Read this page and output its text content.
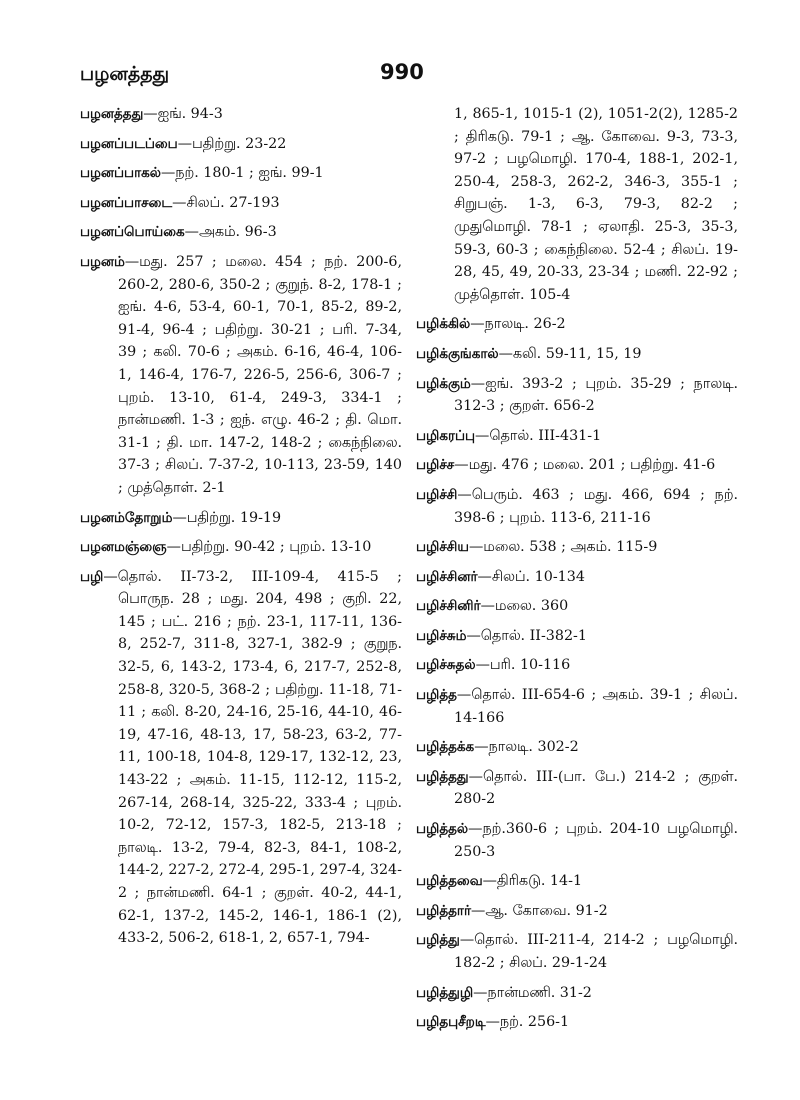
பழனத்தது	990
பழனத்தது—ஐங். 94-3
பழனப்படப்பை—பதிற்று. 23-22
பழனப்பாகல்—நற். 180-1 ; ஐங். 99-1
பழனப்பாசடை—சிலப். 27-193
பழனப்பொய்கை—அகம். 96-3
பழனம்—மது. 257 ; மலை. 454 ; நற். 200-6, 260-2, 280-6, 350-2 ; குறுந். 8-2, 178-1 ; ஐங். 4-6, 53-4, 60-1, 70-1, 85-2, 89-2, 91-4, 96-4 ; பதிற்று. 30-21 ; பரி. 7-34, 39 ; கலி. 70-6 ; அகம். 6-16, 46-4, 106-1, 146-4, 176-7, 226-5, 256-6, 306-7 ; புறம். 13-10, 61-4, 249-3, 334-1 ; நான்மணி. 1-3 ; ஐந். எழு. 46-2 ; தி. மொ. 31-1 ; தி. மா. 147-2, 148-2 ; கைந்நிலை. 37-3 ; சிலப். 7-37-2, 10-113, 23-59, 140 ; முத்தொள். 2-1
பழனம்தோறும்—பதிற்று. 19-19
பழனமஞ்ஞை—பதிற்று. 90-42 ; புறம். 13-10
பழி—தொல். II-73-2, III-109-4, 415-5 ; பொருந. 28 ; மது. 204, 498 ; குறி. 22, 145 ; பட். 216 ; நற். 23-1, 117-11, 136-8, 252-7, 311-8, 327-1, 382-9 ; குறுந. 32-5, 6, 143-2, 173-4, 6, 217-7, 252-8, 258-8, 320-5, 368-2 ; பதிற்று. 11-18, 71-11 ; கலி. 8-20, 24-16, 25-16, 44-10, 46-19, 47-16, 48-13, 17, 58-23, 63-2, 77-11, 100-18, 104-8, 129-17, 132-12, 23, 143-22 ; அகம். 11-15, 112-12, 115-2, 267-14, 268-14, 325-22, 333-4 ; புறம். 10-2, 72-12, 157-3, 182-5, 213-18 ; நாலடி. 13-2, 79-4, 82-3, 84-1, 108-2, 144-2, 227-2, 272-4, 295-1, 297-4, 324-2 ; நான்மணி. 64-1 ; குறள். 40-2, 44-1, 62-1, 137-2, 145-2, 146-1, 186-1 (2), 433-2, 506-2, 618-1, 2, 657-1, 794-
1, 865-1, 1015-1 (2), 1051-2(2), 1285-2 ; திரிகடு. 79-1 ; ஆ. கோவை. 9-3, 73-3, 97-2 ; பழமொழி. 170-4, 188-1, 202-1, 250-4, 258-3, 262-2, 346-3, 355-1 ; சிறுபஞ். 1-3, 6-3, 79-3, 82-2 ; முதுமொழி. 78-1 ; ஏலாதி. 25-3, 35-3, 59-3, 60-3 ; கைந்நிலை. 52-4 ; சிலப். 19-28, 45, 49, 20-33, 23-34 ; மணி. 22-92 ; முத்தொள். 105-4
பழிக்கில்—நாலடி. 26-2
பழிக்குங்கால்—கலி. 59-11, 15, 19
பழிக்கும்—ஐங். 393-2 ; புறம். 35-29 ; நாலடி. 312-3 ; குறள். 656-2
பழிகரப்பு—தொல். III-431-1
பழிச்ச—மது. 476 ; மலை. 201 ; பதிற்று. 41-6
பழிச்சி—பெரும். 463 ; மது. 466, 694 ; நற். 398-6 ; புறம். 113-6, 211-16
பழிச்சிய—மலை. 538 ; அகம். 115-9
பழிச்சினர்—சிலப். 10-134
பழிச்சினிர்—மலை. 360
பழிச்சும்—தொல். II-382-1
பழிச்சுதல்—பரி. 10-116
பழித்த—தொல். III-654-6 ; அகம். 39-1 ; சிலப். 14-166
பழித்தக்க—நாலடி. 302-2
பழித்தது—தொல். III-(பா. பே.) 214-2 ; குறள். 280-2
பழித்தல்—நற்.360-6 ; புறம். 204-10 பழமொழி. 250-3
பழித்தவை—திரிகடு. 14-1
பழித்தார்—ஆ. கோவை. 91-2
பழித்து—தொல். III-211-4, 214-2 ; பழமொழி. 182-2 ; சிலப். 29-1-24
பழித்துழி—நான்மணி. 31-2
பழிதபுசீறடி—நற். 256-1
